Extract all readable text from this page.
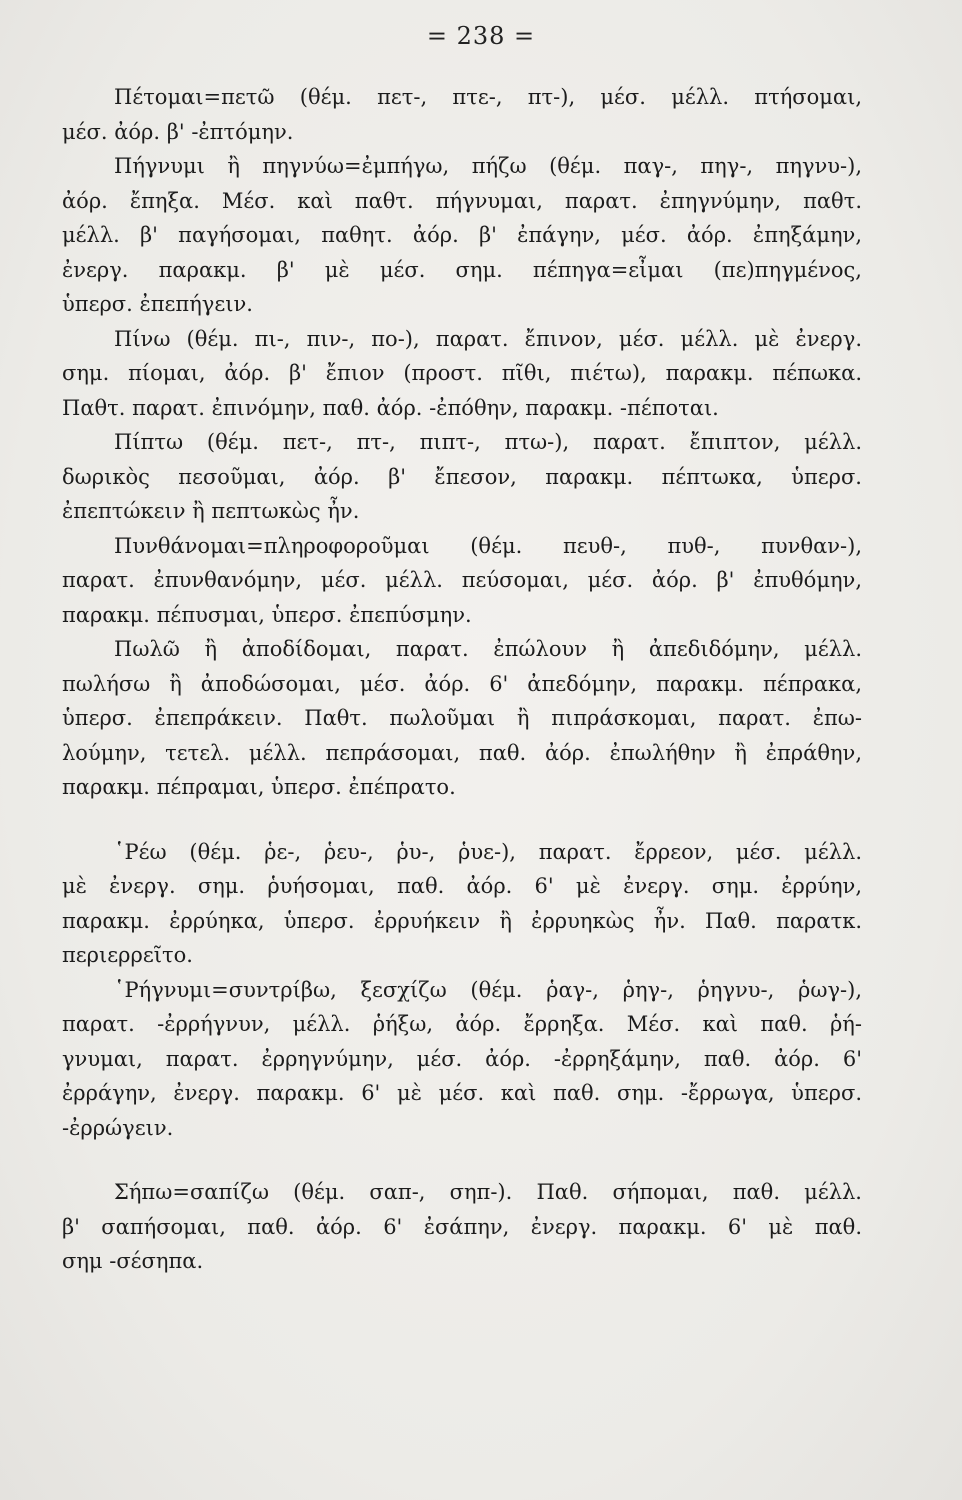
= 238 =
Πέτομαι=πετῶ (θέμ. πετ-, πτε-, πτ-), μέσ. μέλλ. πτήσομαι,
μέσ. ἀόρ. β' -ἐπτόμην.
Πήγνυμι ἢ πηγνύω=ἐμπήγω, πήζω (θέμ. παγ-, πηγ-, πηγνυ-),
ἀόρ. ἔπηξα. Μέσ. καὶ παθτ. πήγνυμαι, παρατ. ἐπηγνύμην, παθτ.
μέλλ. β' παγήσομαι, παθητ. ἀόρ. β' ἐπάγην, μέσ. ἀόρ. ἐπηξάμην,
ἐνεργ. παρακμ. β' μὲ μέσ. σημ. πέπηγα=εἶμαι (πε)πηγμένος,
ὑπερσ. ἐπεπήγειν.
Πίνω (θέμ. πι-, πιν-, πο-), παρατ. ἔπινον, μέσ. μέλλ. μὲ ἐνεργ.
σημ. πίομαι, ἀόρ. β' ἔπιον (προστ. πῖθι, πιέτω), παρακμ. πέπωκα.
Παθτ. παρατ. ἐπινόμην, παθ. ἀόρ. -ἐπόθην, παρακμ. -πέποται.
Πίπτω (θέμ. πετ-, πτ-, πιπτ-, πτω-), παρατ. ἔπιπτον, μέλλ.
δωρικὸς πεσοῦμαι, ἀόρ. β' ἔπεσον, παρακμ. πέπτωκα, ὑπερσ.
ἐπεπτώκειν ἢ πεπτωκὼς ἦν.
Πυνθάνομαι=πληροφοροῦμαι (θέμ. πευθ-, πυθ-, πυνθαν-),
παρατ. ἐπυνθανόμην, μέσ. μέλλ. πεύσομαι, μέσ. ἀόρ. β' ἐπυθόμην,
παρακμ. πέπυσμαι, ὑπερσ. ἐπεπύσμην.
Πωλῶ ἢ ἀποδίδομαι, παρατ. ἐπώλουν ἢ ἀπεδιδόμην, μέλλ.
πωλήσω ἢ ἀποδώσομαι, μέσ. ἀόρ. 6' ἀπεδόμην, παρακμ. πέπρακα,
ὑπερσ. ἐπεπράκειν. Παθτ. πωλοῦμαι ἢ πιπράσκομαι, παρατ. ἐπω-
λούμην, τετελ. μέλλ. πεπράσομαι, παθ. ἀόρ. ἐπωλήθην ἢ ἐπράθην,
παρακμ. πέπραμαι, ὑπερσ. ἐπέπρατο.
῾Ρέω (θέμ. ῥε-, ῥευ-, ῥυ-, ῥυε-), παρατ. ἔρρεον, μέσ. μέλλ.
μὲ ἐνεργ. σημ. ῥυήσομαι, παθ. ἀόρ. 6' μὲ ἐνεργ. σημ. ἐρρύην,
παρακμ. ἐρρύηκα, ὑπερσ. ἐρρυήκειν ἢ ἐρρυηκὼς ἦν. Παθ. παρατκ.
περιερρεῖτο.
῾Ρήγνυμι=συντρίβω, ξεσχίζω (θέμ. ῥαγ-, ῥηγ-, ῥηγνυ-, ῥωγ-),
παρατ. -ἐρρήγνυν, μέλλ. ῥήξω, ἀόρ. ἔρρηξα. Μέσ. καὶ παθ. ῥή-
γνυμαι, παρατ. ἐρρηγνύμην, μέσ. ἀόρ. -ἐρρηξάμην, παθ. ἀόρ. 6'
ἐρράγην, ἐνεργ. παρακμ. 6' μὲ μέσ. καὶ παθ. σημ. -ἔρρωγα, ὑπερσ.
-ἐρρώγειν.
Σήπω=σαπίζω (θέμ. σαπ-, σηπ-). Παθ. σήπομαι, παθ. μέλλ.
β' σαπήσομαι, παθ. ἀόρ. 6' ἐσάπην, ἐνεργ. παρακμ. 6' μὲ παθ.
σημ -σέσηπα.
